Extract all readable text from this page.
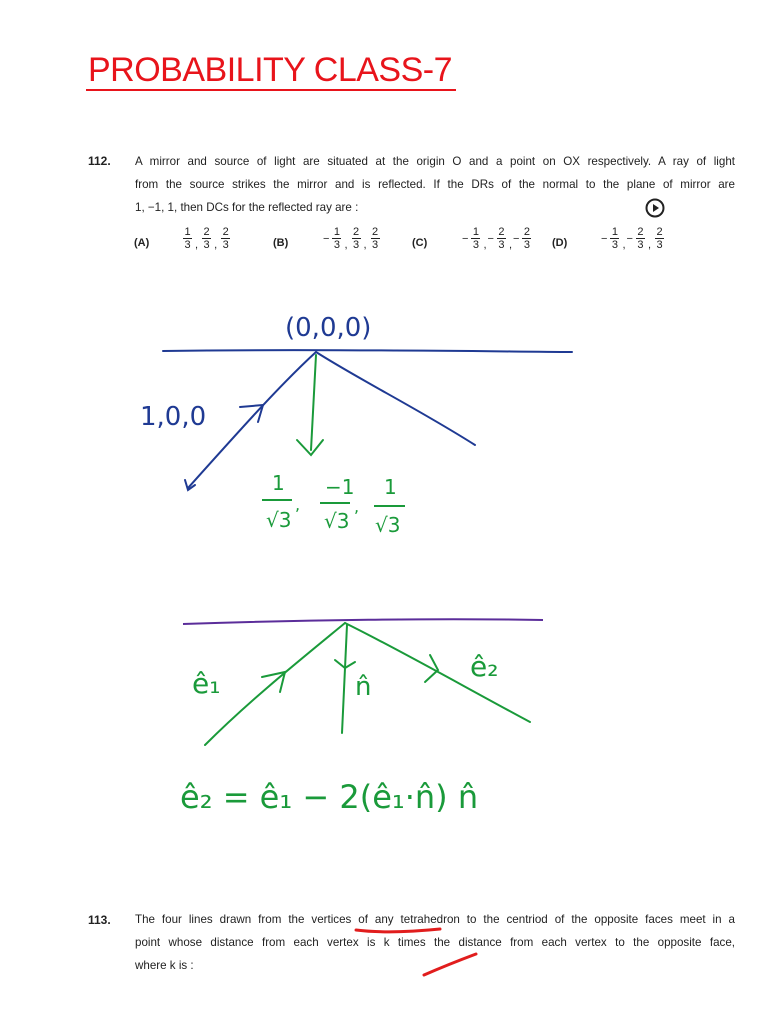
PROBABILITY CLASS-7
112. A mirror and source of light are situated at the origin O and a point on OX respectively. A ray of light
from the source strikes the mirror and is reflected. If the DRs of the normal to the plane of mirror are
1, −1, 1, then DCs for the reflected ray are :
(A)	$\frac{1}{3}$ , $\frac{2}{3}$ , $\frac{2}{3}$	(B)	− $\frac{1}{3}$ , $\frac{2}{3}$ , $\frac{2}{3}$	(C)	− $\frac{1}{3}$ , − $\frac{2}{3}$ , − $\frac{2}{3} (D)$	− $\frac{1}{3}$ , − $\frac{2}{3}$ , $\frac{2}{3}$
(0,0,0)
1,0,0
1
√3
,
−1
√3
,
1
√3
ê₁
ê₂
n̂
ê₂ = ê₁ − 2(ê₁·n̂) n̂
113. The four lines drawn from the vertices of any tetrahedron to the centriod of the opposite faces meet in a
point whose distance from each vertex is k times the distance from each vertex to the opposite face,
where k is :
